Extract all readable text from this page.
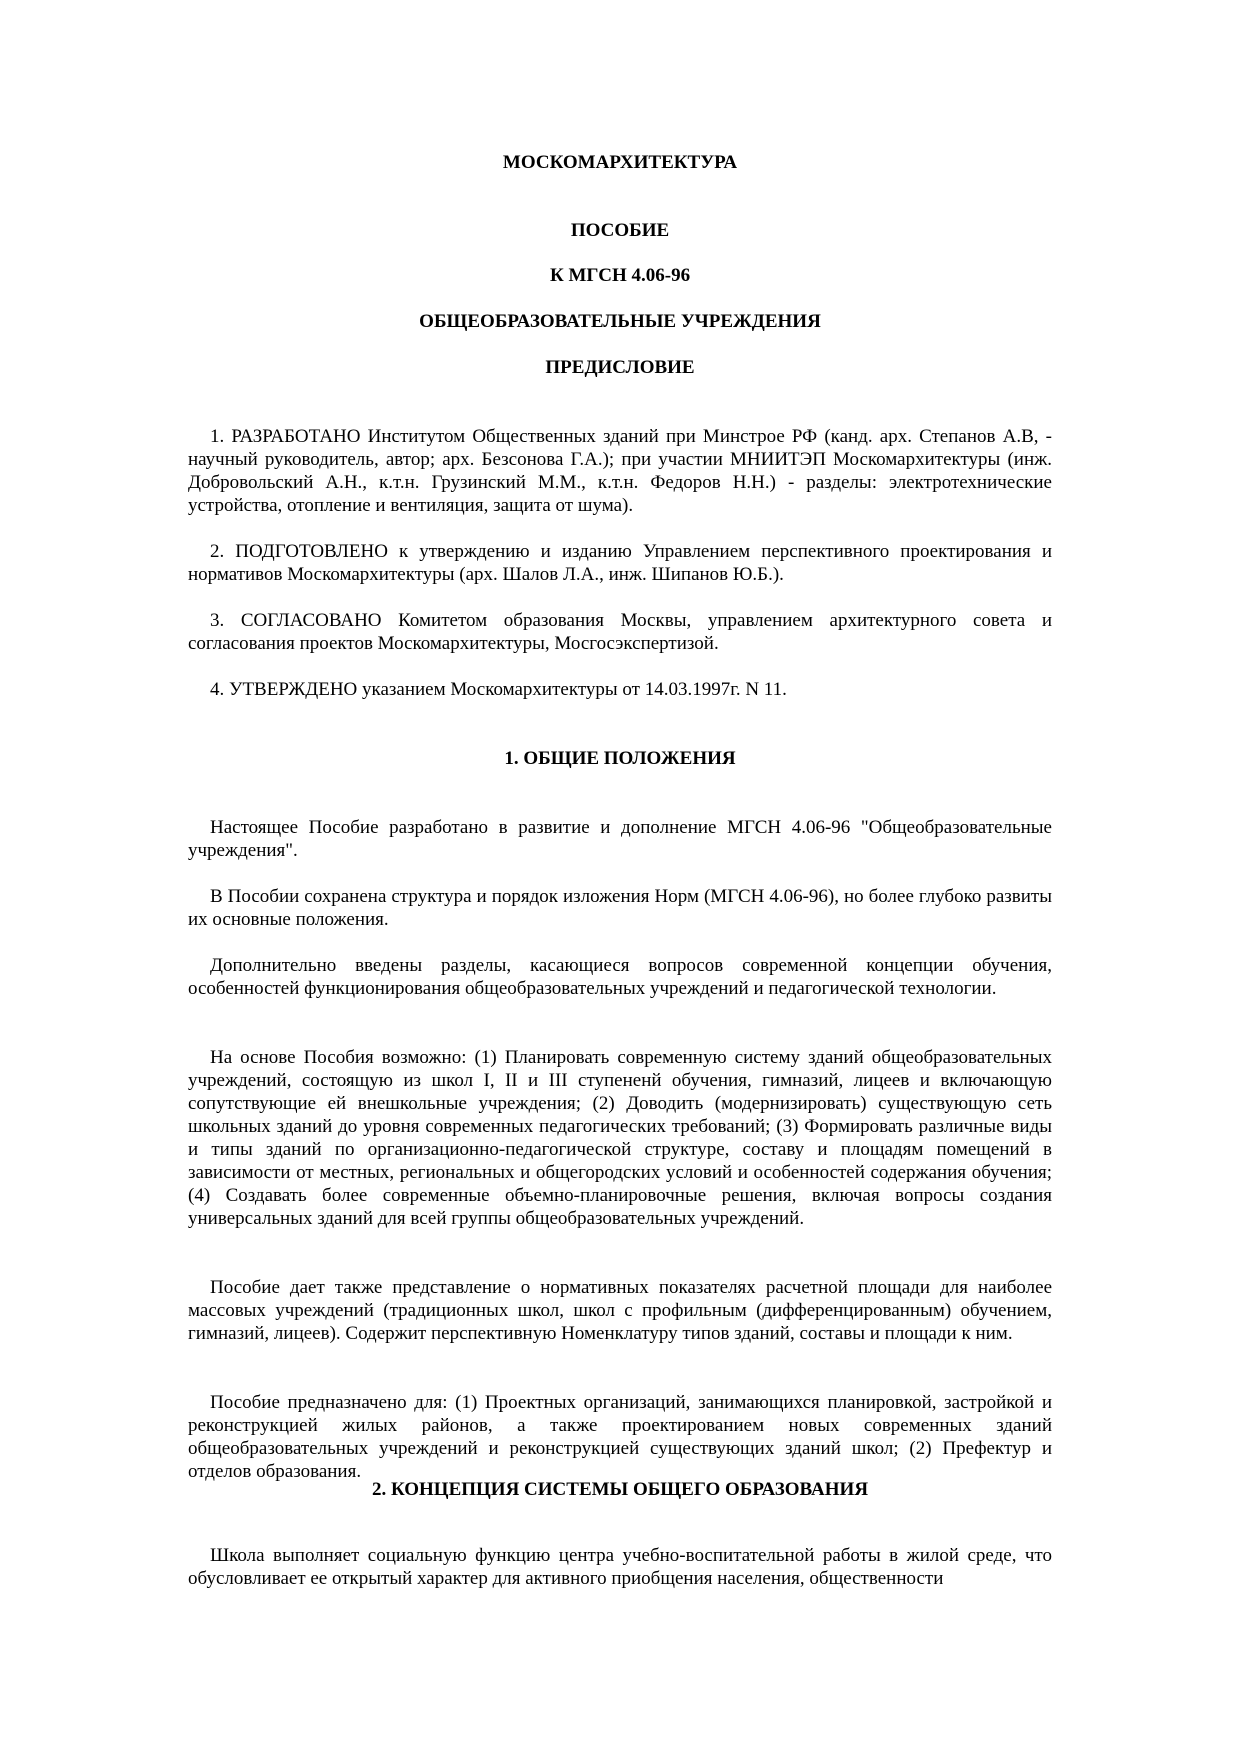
МОСКОМАРХИТЕКТУРА

ПОСОБИЕ

К МГСН 4.06-96

ОБЩЕОБРАЗОВАТЕЛЬНЫЕ УЧРЕЖДЕНИЯ

ПРЕДИСЛОВИЕ

1. РАЗРАБОТАНО Институтом Общественных зданий при Минстрое РФ (канд. арх. Степанов А.В, - научный руководитель, автор; арх. Безсонова Г.А.); при участии МНИИТЭП Москомархитектуры (инж. Добровольский А.Н., к.т.н. Грузинский М.М., к.т.н. Федоров Н.Н.) - разделы: электротехнические устройства, отопление и вентиляция, защита от шума).

2. ПОДГОТОВЛЕНО к утверждению и изданию Управлением перспективного проектирования и нормативов Москомархитектуры (арх. Шалов Л.А., инж. Шипанов Ю.Б.).

3. СОГЛАСОВАНО Комитетом образования Москвы, управлением архитектурного совета и согласования проектов Москомархитектуры, Мосгосэкспертизой.

4. УТВЕРЖДЕНО указанием Москомархитектуры от 14.03.1997г. N 11.

1. ОБЩИЕ ПОЛОЖЕНИЯ

Настоящее Пособие разработано в развитие и дополнение МГСН 4.06-96 "Общеобразовательные учреждения".

В Пособии сохранена структура и порядок изложения Норм (МГСН 4.06-96), но более глубоко развиты их основные положения.

Дополнительно введены разделы, касающиеся вопросов современной концепции обучения, особенностей функционирования общеобразовательных учреждений и педагогической технологии.

На основе Пособия возможно: (1) Планировать современную систему зданий общеобразовательных учреждений, состоящую из школ I, II и III ступененй обучения, гимназий, лицеев и включающую сопутствующие ей внешкольные учреждения; (2) Доводить (модернизировать) существующую сеть школьных зданий до уровня современных педагогических требований; (3) Формировать различные виды и типы зданий по организационно-педагогической структуре, составу и площадям помещений в зависимости от местных, региональных и общегородских условий и особенностей содержания обучения; (4) Создавать более современные объемно-планировочные решения, включая вопросы создания универсальных зданий для всей группы общеобразовательных учреждений.

Пособие дает также представление о нормативных показателях расчетной площади для наиболее массовых учреждений (традиционных школ, школ с профильным (дифференцированным) обучением, гимназий, лицеев). Содержит перспективную Номенклатуру типов зданий, составы и площади к ним.

Пособие предназначено для: (1) Проектных организаций, занимающихся планировкой, застройкой и реконструкцией жилых районов, а также проектированием новых современных зданий общеобразовательных учреждений и реконструкцией существующих зданий школ; (2) Префектур и отделов образования.

2. КОНЦЕПЦИЯ СИСТЕМЫ ОБЩЕГО ОБРАЗОВАНИЯ

Школа выполняет социальную функцию центра учебно-воспитательной работы в жилой среде, что обусловливает ее открытый характер для активного приобщения населения, общественности
